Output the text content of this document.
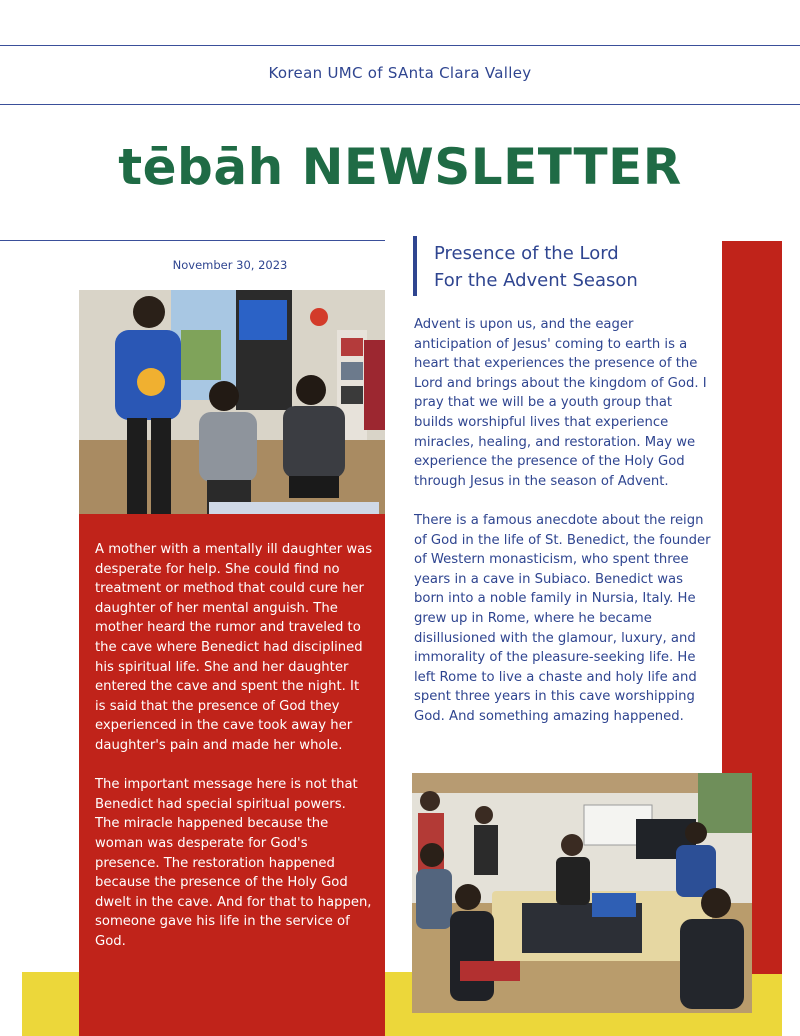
Korean UMC of SAnta Clara Valley
tēbāh NEWSLETTER
November 30, 2023

A mother with a mentally ill daughter was desperate for help. She could find no treatment or method that could cure her daughter of her mental anguish. The mother heard the rumor and traveled to the cave where Benedict had disciplined his spiritual life. She and her daughter entered the cave and spent the night. It is said that the presence of God they experienced in the cave took away her daughter's pain and made her whole.

The important message here is not that Benedict had special spiritual powers. The miracle happened because the woman was desperate for God's presence. The restoration happened because the presence of the Holy God dwelt in the cave. And for that to happen, someone gave his life in the service of God.

Presence of the Lord
For the Advent Season

Advent is upon us, and the eager anticipation of Jesus' coming to earth is a heart that experiences the presence of the Lord and brings about the kingdom of God. I pray that we will be a youth group that builds worshipful lives that experience miracles, healing, and restoration. May we experience the presence of the Holy God through Jesus in the season of Advent.

There is a famous anecdote about the reign of God in the life of St. Benedict, the founder of Western monasticism, who spent three years in a cave in Subiaco. Benedict was born into a noble family in Nursia, Italy. He grew up in Rome, where he became disillusioned with the glamour, luxury, and immorality of the pleasure-seeking life. He left Rome to live a chaste and holy life and spent three years in this cave worshipping God. And something amazing happened.
